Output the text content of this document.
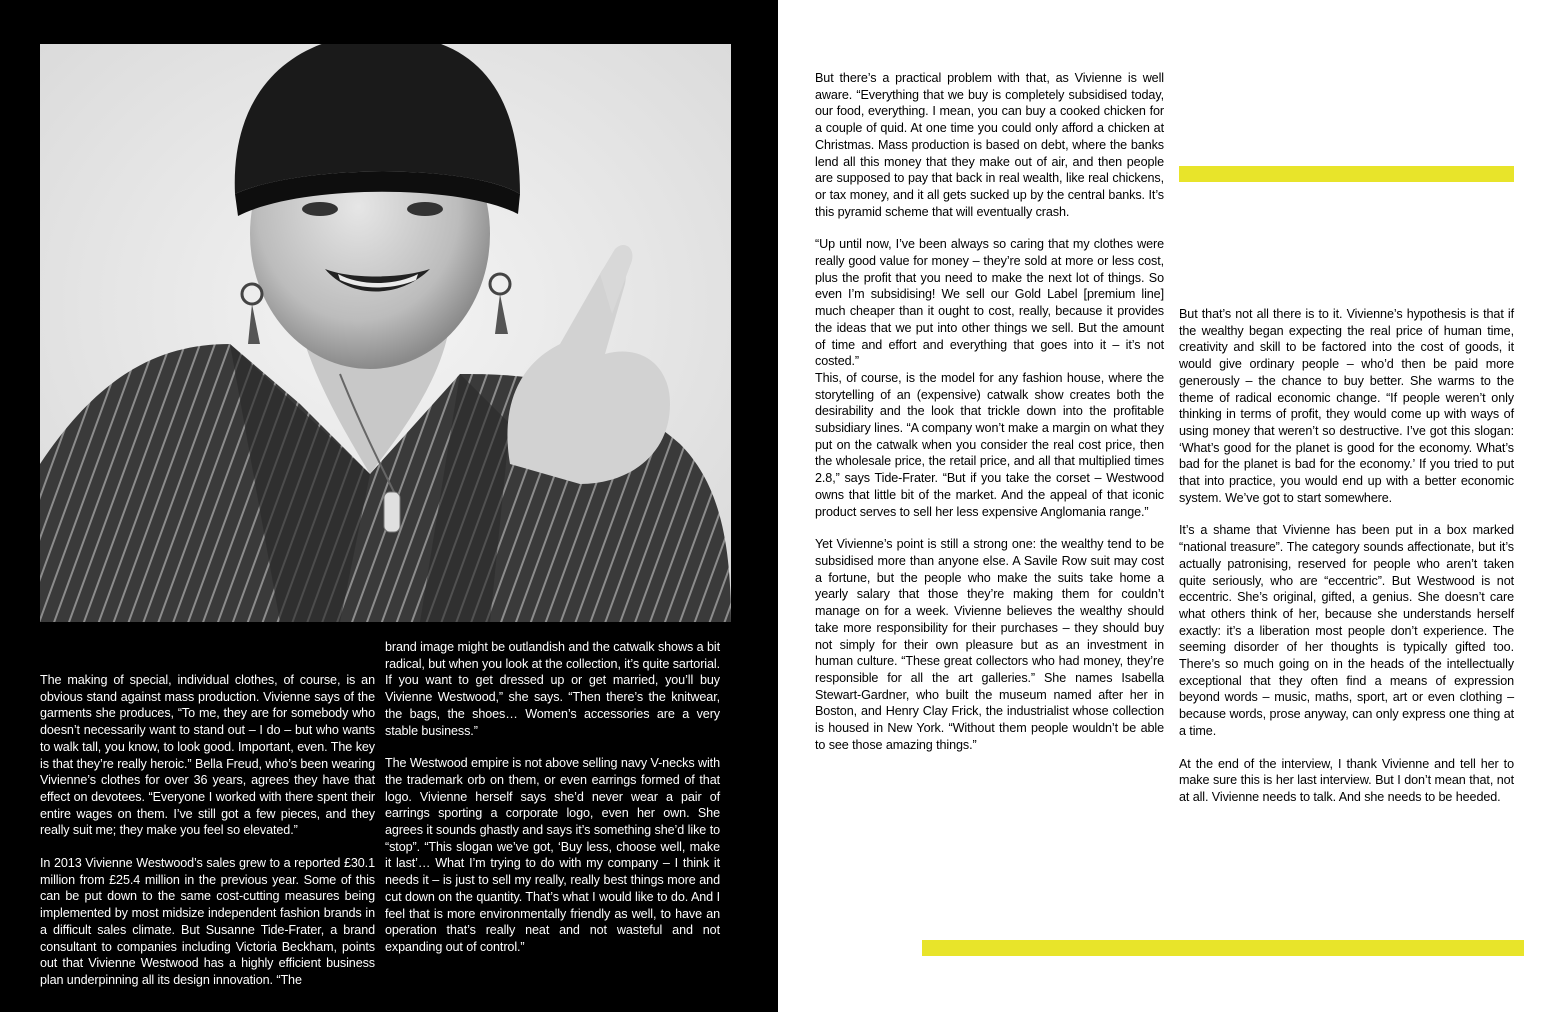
The making of special, individual clothes, of course, is an obvious stand against mass production. Vivienne says of the garments she produces, “To me, they are for somebody who doesn’t necessarily want to stand out – I do – but who wants to walk tall, you know, to look good. Important, even. The key is that they’re really heroic.” Bella Freud, who’s been wearing Vivienne’s clothes for over 36 years, agrees they have that effect on devotees. “Everyone I worked with there spent their entire wages on them. I’ve still got a few pieces, and they really suit me; they make you feel so elevated.”

In 2013 Vivienne Westwood’s sales grew to a reported £30.1 million from £25.4 million in the previous year. Some of this can be put down to the same cost-cutting measures being implemented by most midsize independent fashion brands in a difficult sales climate. But Susanne Tide-Frater, a brand consultant to companies including Victoria Beckham, points out that Vivienne Westwood has a highly efficient business plan underpinning all its design innovation. “The

brand image might be outlandish and the catwalk shows a bit radical, but when you look at the collection, it’s quite sartorial. If you want to get dressed up or get married, you’ll buy Vivienne Westwood,” she says. “Then there’s the knitwear, the bags, the shoes… Women’s accessories are a very stable business.”

The Westwood empire is not above selling navy V-necks with the trademark orb on them, or even earrings formed of that logo. Vivienne herself says she’d never wear a pair of earrings sporting a corporate logo, even her own. She agrees it sounds ghastly and says it’s something she’d like to “stop”. “This slogan we’ve got, ‘Buy less, choose well, make it last’… What I’m trying to do with my company – I think it needs it – is just to sell my really, really best things more and cut down on the quantity. That’s what I would like to do. And I feel that is more environmentally friendly as well, to have an operation that’s really neat and not wasteful and not expanding out of control.”

But there’s a practical problem with that, as Vivienne is well aware. “Everything that we buy is completely subsidised today, our food, everything. I mean, you can buy a cooked chicken for a couple of quid. At one time you could only afford a chicken at Christmas. Mass production is based on debt, where the banks lend all this money that they make out of air, and then people are supposed to pay that back in real wealth, like real chickens, or tax money, and it all gets sucked up by the central banks. It’s this pyramid scheme that will eventually crash.

“Up until now, I’ve been always so caring that my clothes were really good value for money – they’re sold at more or less cost, plus the profit that you need to make the next lot of things. So even I’m subsidising! We sell our Gold Label [premium line] much cheaper than it ought to cost, really, because it provides the ideas that we put into other things we sell. But the amount of time and effort and everything that goes into it – it’s not costed.”

This, of course, is the model for any fashion house, where the storytelling of an (expensive) catwalk show creates both the desirability and the look that trickle down into the profitable subsidiary lines. “A company won’t make a margin on what they put on the catwalk when you consider the real cost price, then the wholesale price, the retail price, and all that multiplied times 2.8,” says Tide-Frater. “But if you take the corset – Westwood owns that little bit of the market. And the appeal of that iconic product serves to sell her less expensive Anglomania range.”

Yet Vivienne’s point is still a strong one: the wealthy tend to be subsidised more than anyone else. A Savile Row suit may cost a fortune, but the people who make the suits take home a yearly salary that those they’re making them for couldn’t manage on for a week. Vivienne believes the wealthy should take more responsibility for their purchases – they should buy not simply for their own pleasure but as an investment in human culture. “These great collectors who had money, they’re responsible for all the art galleries.” She names Isabella Stewart-Gardner, who built the museum named after her in Boston, and Henry Clay Frick, the industrialist whose collection is housed in New York. “Without them people wouldn’t be able to see those amazing things.”

But that’s not all there is to it. Vivienne’s hypothesis is that if the wealthy began expecting the real price of human time, creativity and skill to be factored into the cost of goods, it would give ordinary people – who’d then be paid more generously – the chance to buy better. She warms to the theme of radical economic change. “If people weren’t only thinking in terms of profit, they would come up with ways of using money that weren’t so destructive. I’ve got this slogan: ‘What’s good for the planet is good for the economy. What’s bad for the planet is bad for the economy.’ If you tried to put that into practice, you would end up with a better economic system. We’ve got to start somewhere.

It’s a shame that Vivienne has been put in a box marked “national treasure”. The category sounds affectionate, but it’s actually patronising, reserved for people who aren’t taken quite seriously, who are “eccentric”. But Westwood is not eccentric. She’s original, gifted, a genius. She doesn’t care what others think of her, because she understands herself exactly: it’s a liberation most people don’t experience. The seeming disorder of her thoughts is typically gifted too. There’s so much going on in the heads of the intellectually exceptional that they often find a means of expression beyond words – music, maths, sport, art or even clothing – because words, prose anyway, can only express one thing at a time.

At the end of the interview, I thank Vivienne and tell her to make sure this is her last interview. But I don’t mean that, not at all. Vivienne needs to talk. And she needs to be heeded.
